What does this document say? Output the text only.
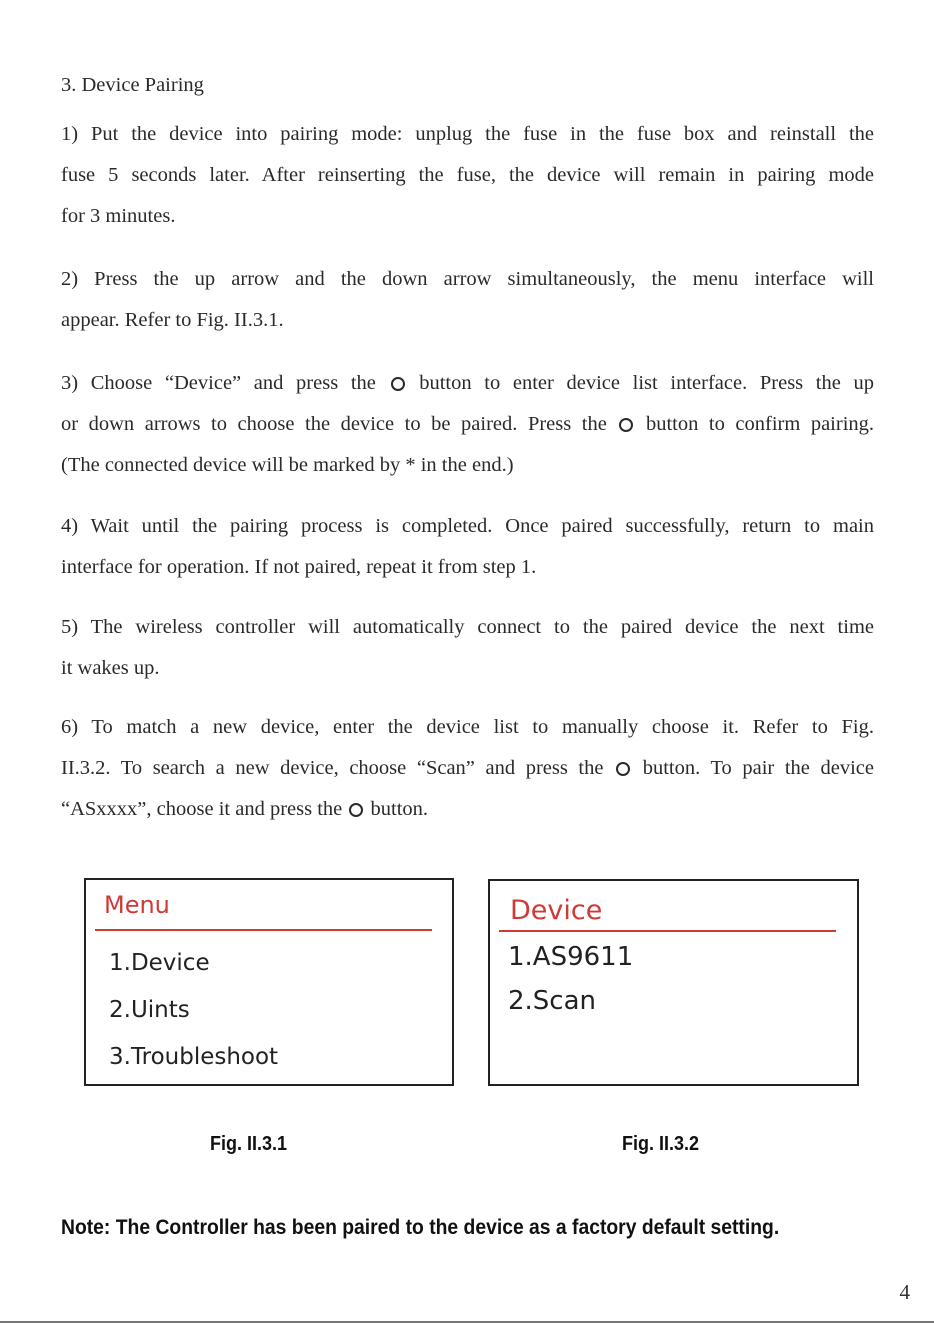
3. Device Pairing
1) Put the device into pairing mode: unplug the fuse in the fuse box and reinstall the
fuse 5 seconds later. After reinserting the fuse, the device will remain in pairing mode
for 3 minutes.
2) Press the up arrow and the down arrow simultaneously, the menu interface will
appear. Refer to Fig. II.3.1.
3) Choose “Device” and press the button to enter device list interface. Press the up
or down arrows to choose the device to be paired. Press the button to confirm pairing.
(The connected device will be marked by * in the end.)
4) Wait until the pairing process is completed. Once paired successfully, return to main
interface for operation. If not paired, repeat it from step 1.
5) The wireless controller will automatically connect to the paired device the next time
it wakes up.
6) To match a new device, enter the device list to manually choose it. Refer to Fig.
II.3.2. To search a new device, choose “Scan” and press the button. To pair the device
“ASxxxx”, choose it and press the button.
Menu
1.Device
2.Uints
3.Troubleshoot
Device
1.AS9611
2.Scan
Fig. II.3.1	Fig. II.3.2
Note: The Controller has been paired to the device as a factory default setting.
4
